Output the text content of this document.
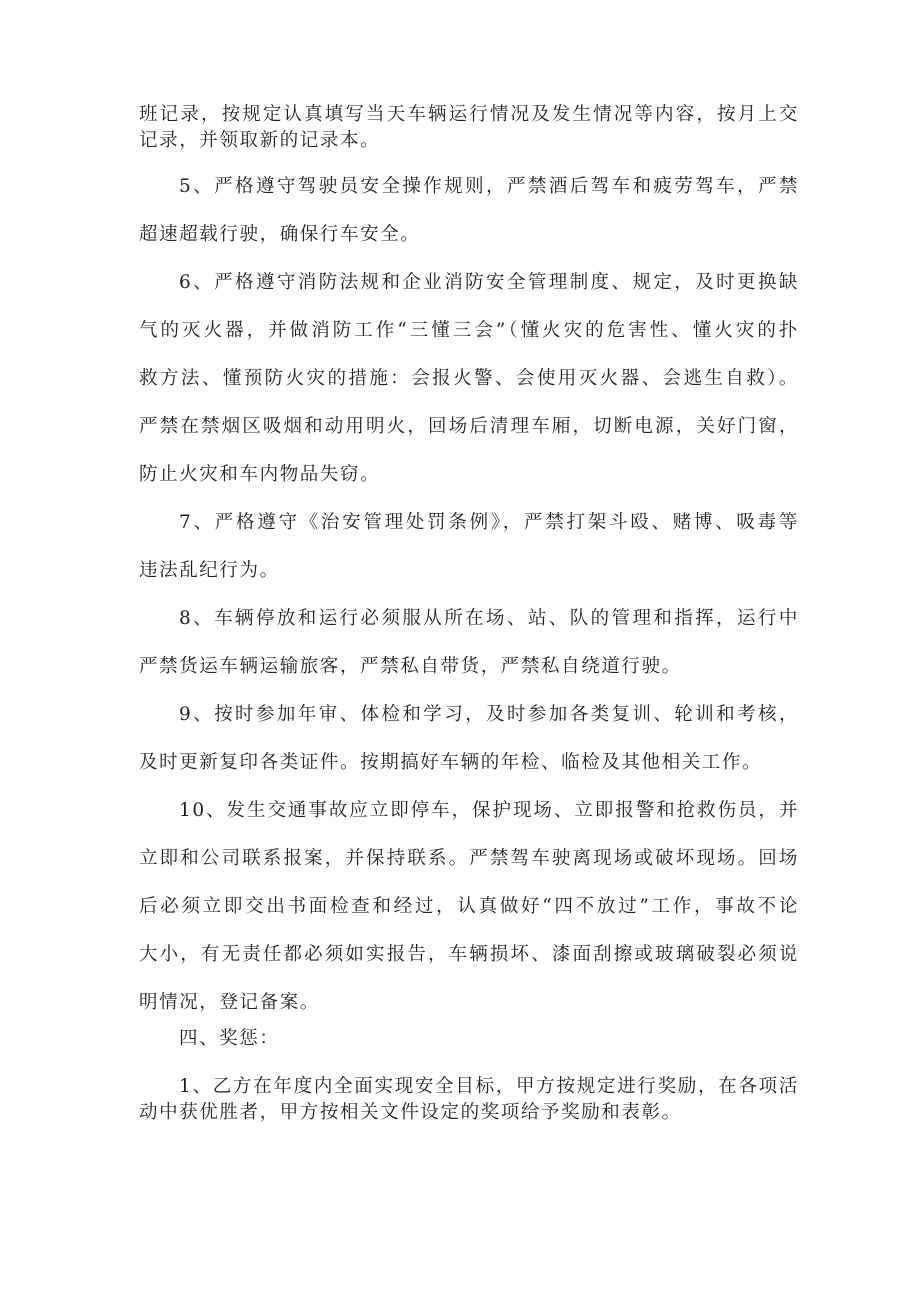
班记录，按规定认真填写当天车辆运行情况及发生情况等内容，按月上交

记录，并领取新的记录本。

5、严格遵守驾驶员安全操作规则，严禁酒后驾车和疲劳驾车，严禁

超速超载行驶，确保行车安全。

6、严格遵守消防法规和企业消防安全管理制度、规定，及时更换缺

气的灭火器，并做消防工作“三懂三会”（懂火灾的危害性、懂火灾的扑

救方法、懂预防火灾的措施：会报火警、会使用灭火器、会逃生自救）。

严禁在禁烟区吸烟和动用明火，回场后清理车厢，切断电源，关好门窗，

防止火灾和车内物品失窃。

7、严格遵守《治安管理处罚条例》，严禁打架斗殴、赌博、吸毒等

违法乱纪行为。

8、车辆停放和运行必须服从所在场、站、队的管理和指挥，运行中

严禁货运车辆运输旅客，严禁私自带货，严禁私自绕道行驶。

9、按时参加年审、体检和学习，及时参加各类复训、轮训和考核，

及时更新复印各类证件。按期搞好车辆的年检、临检及其他相关工作。

10、发生交通事故应立即停车，保护现场、立即报警和抢救伤员，并

立即和公司联系报案，并保持联系。严禁驾车驶离现场或破坏现场。回场

后必须立即交出书面检查和经过，认真做好“四不放过”工作，事故不论

大小，有无责任都必须如实报告，车辆损坏、漆面刮擦或玻璃破裂必须说

明情况，登记备案。

四、奖惩：

1、乙方在年度内全面实现安全目标，甲方按规定进行奖励，在各项活

动中获优胜者，甲方按相关文件设定的奖项给予奖励和表彰。
